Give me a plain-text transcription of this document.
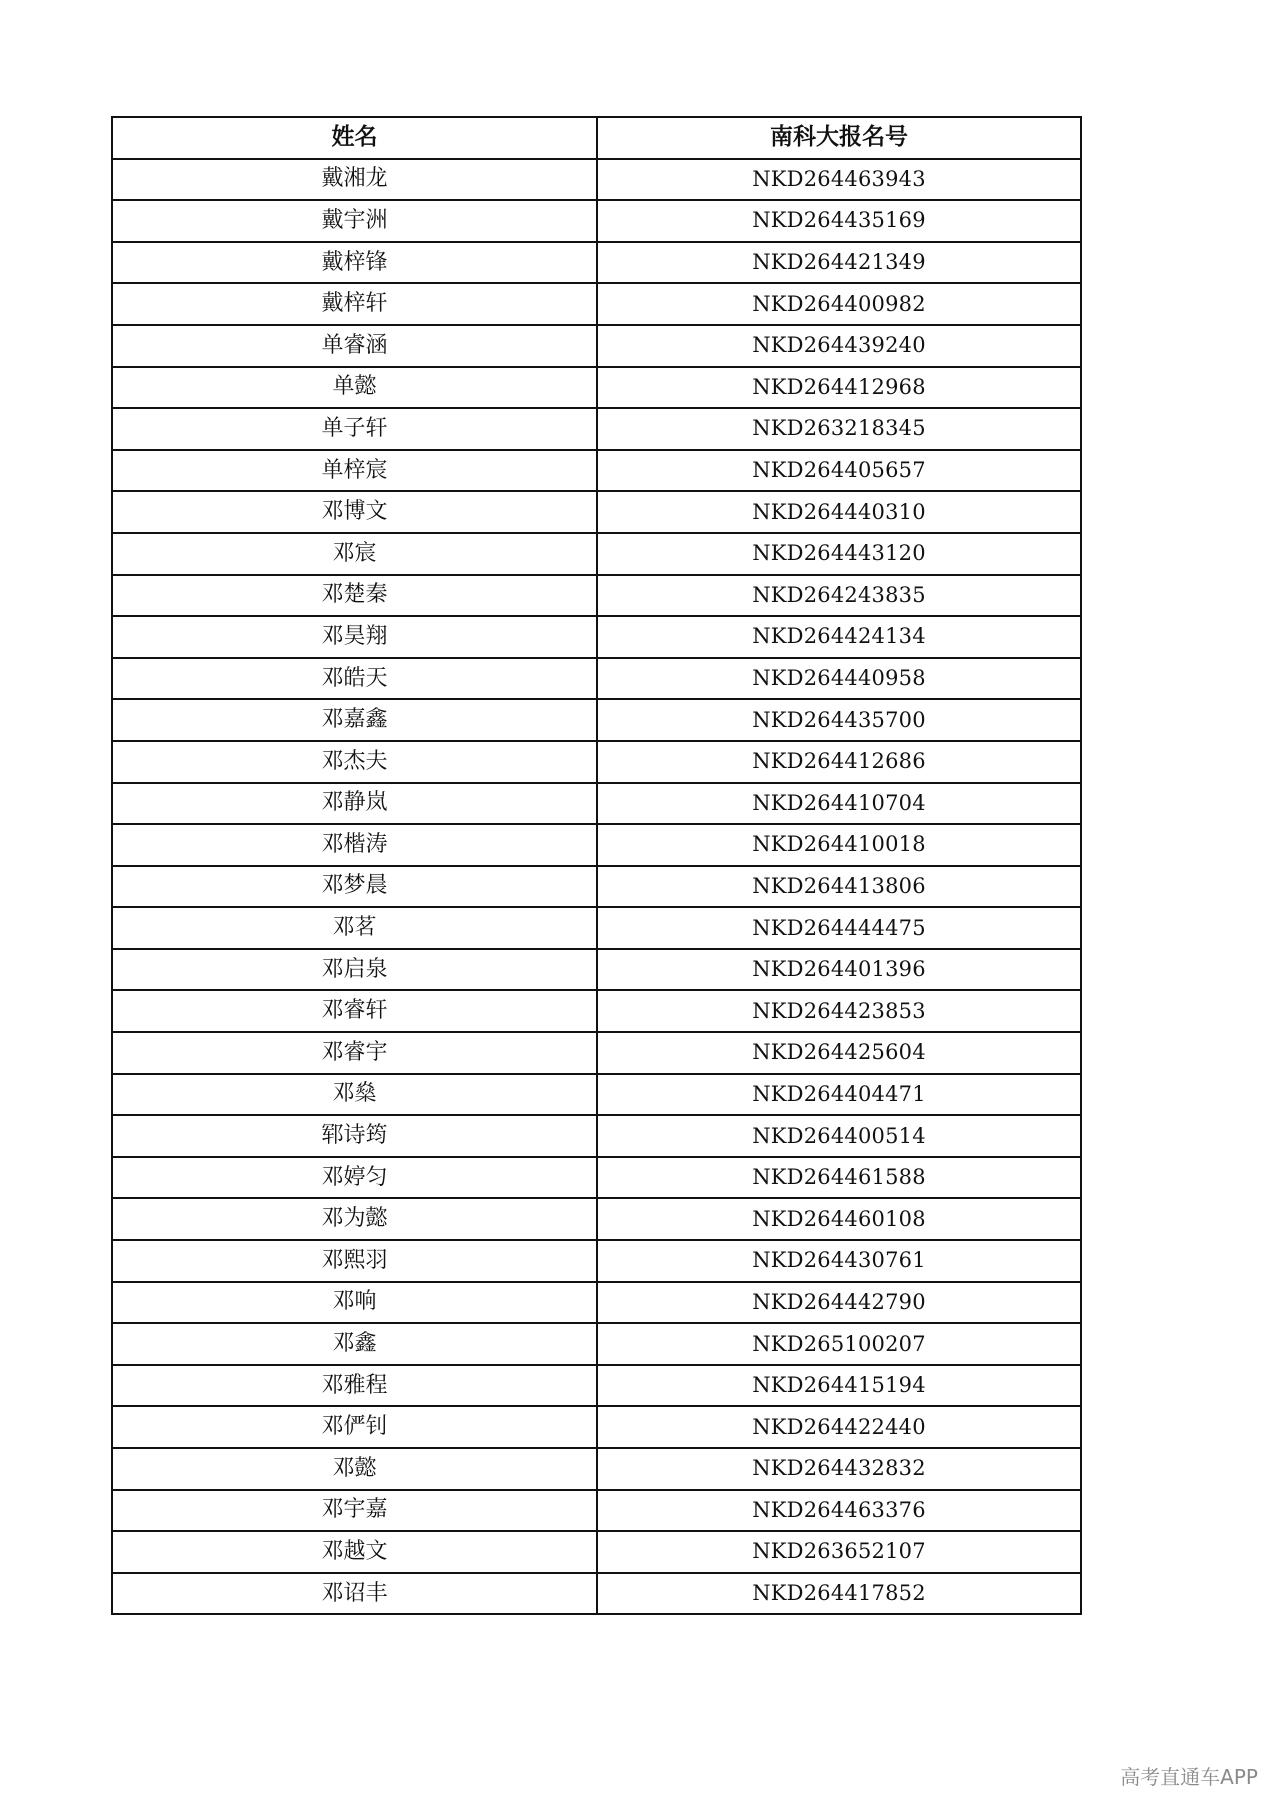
姓名	南科大报名号
戴湘龙	NKD264463943
戴宇洲	NKD264435169
戴梓锋	NKD264421349
戴梓轩	NKD264400982
单睿涵	NKD264439240
单懿	NKD264412968
单子轩	NKD263218345
单梓宸	NKD264405657
邓博文	NKD264440310
邓宸	NKD264443120
邓楚秦	NKD264243835
邓昊翔	NKD264424134
邓皓天	NKD264440958
邓嘉鑫	NKD264435700
邓杰夫	NKD264412686
邓静岚	NKD264410704
邓楷涛	NKD264410018
邓梦晨	NKD264413806
邓茗	NKD264444475
邓启泉	NKD264401396
邓睿轩	NKD264423853
邓睿宇	NKD264425604
邓燊	NKD264404471
郓诗筠	NKD264400514
邓婷匀	NKD264461588
邓为懿	NKD264460108
邓熙羽	NKD264430761
邓响	NKD264442790
邓鑫	NKD265100207
邓雅程	NKD264415194
邓俨钊	NKD264422440
邓懿	NKD264432832
邓宇嘉	NKD264463376
邓越文	NKD263652107
邓诏丰	NKD264417852
高考直通车APP
